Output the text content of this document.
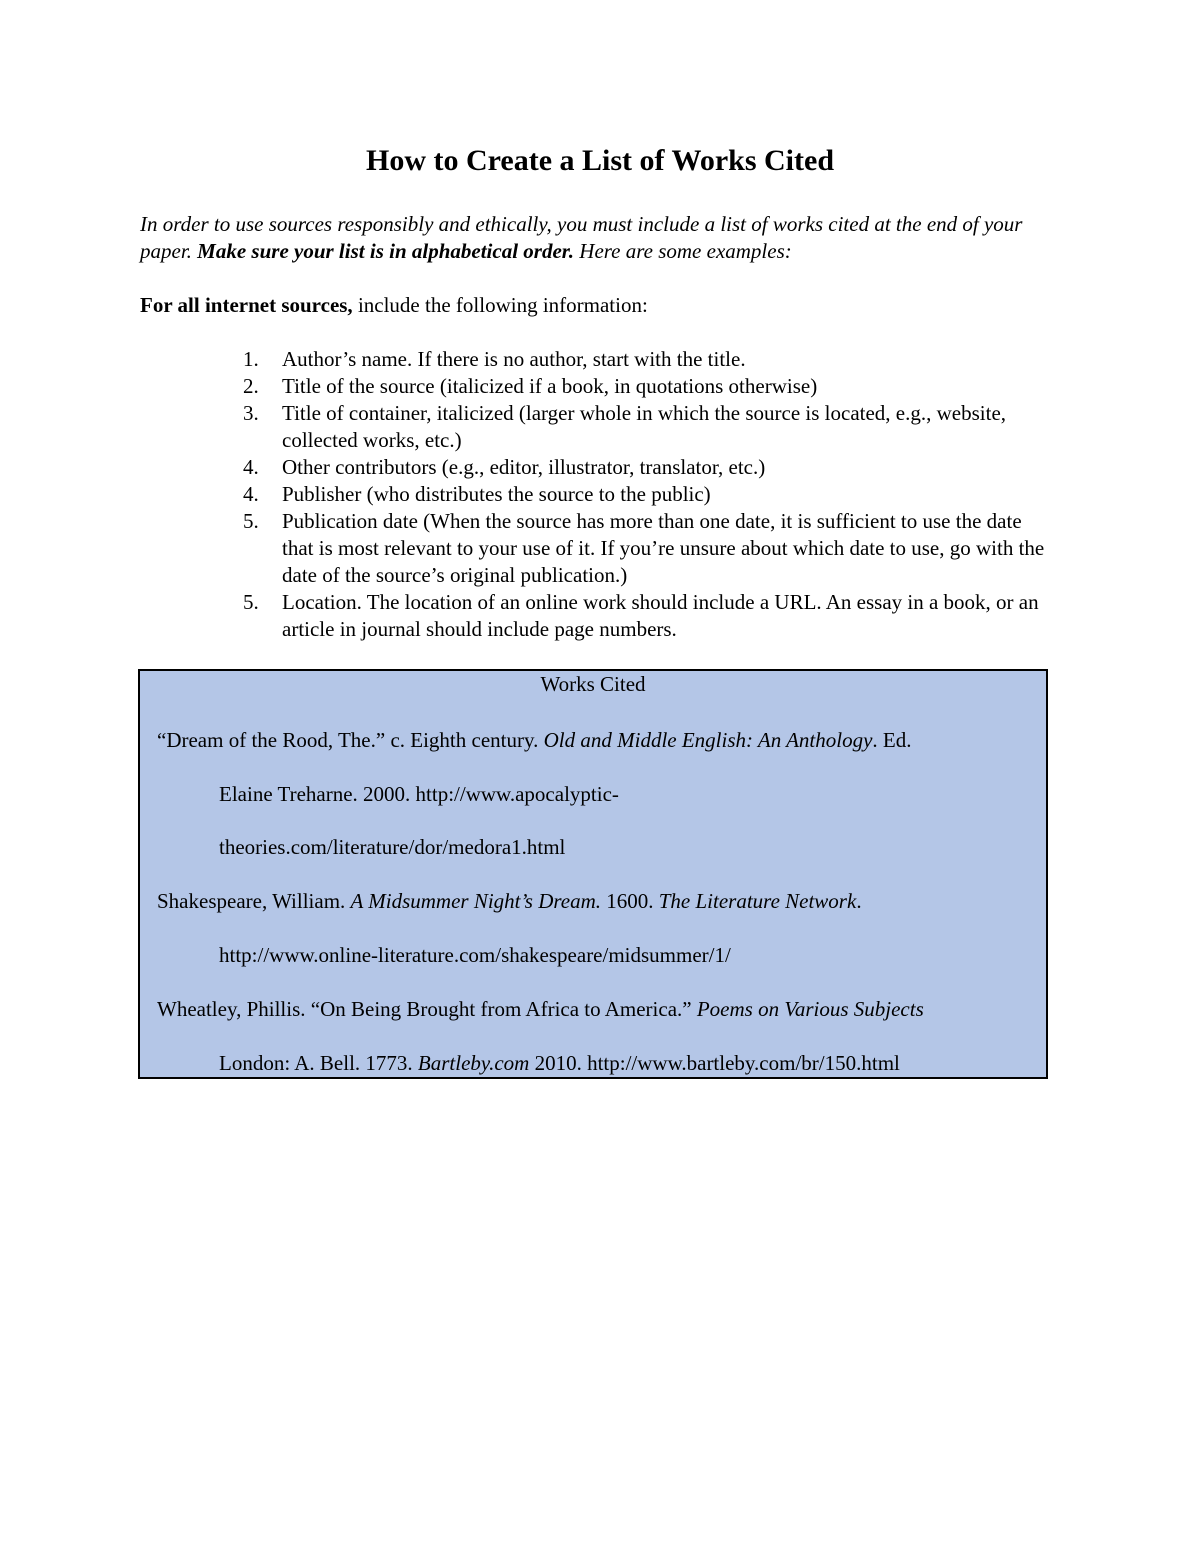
How to Create a List of Works Cited
In order to use sources responsibly and ethically, you must include a list of works cited at the end of your paper. Make sure your list is in alphabetical order. Here are some examples:
For all internet sources, include the following information:
1.	Author’s name. If there is no author, start with the title.
2.	Title of the source (italicized if a book, in quotations otherwise)
3.	Title of container, italicized (larger whole in which the source is located, e.g., website, collected works, etc.)
4.	Other contributors (e.g., editor, illustrator, translator, etc.)
4.	Publisher (who distributes the source to the public)
5.	Publication date (When the source has more than one date, it is sufficient to use the date that is most relevant to your use of it. If you’re unsure about which date to use, go with the date of the source’s original publication.)
5.	Location. The location of an online work should include a URL. An essay in a book, or an article in journal should include page numbers.
Works Cited
“Dream of the Rood, The.” c. Eighth century. Old and Middle English: An Anthology. Ed.
Elaine Treharne. 2000. http://www.apocalyptic-
theories.com/literature/dor/medora1.html
Shakespeare, William. A Midsummer Night’s Dream. 1600. The Literature Network.
http://www.online-literature.com/shakespeare/midsummer/1/
Wheatley, Phillis. “On Being Brought from Africa to America.” Poems on Various Subjects
London: A. Bell. 1773. Bartleby.com 2010. http://www.bartleby.com/br/150.html
